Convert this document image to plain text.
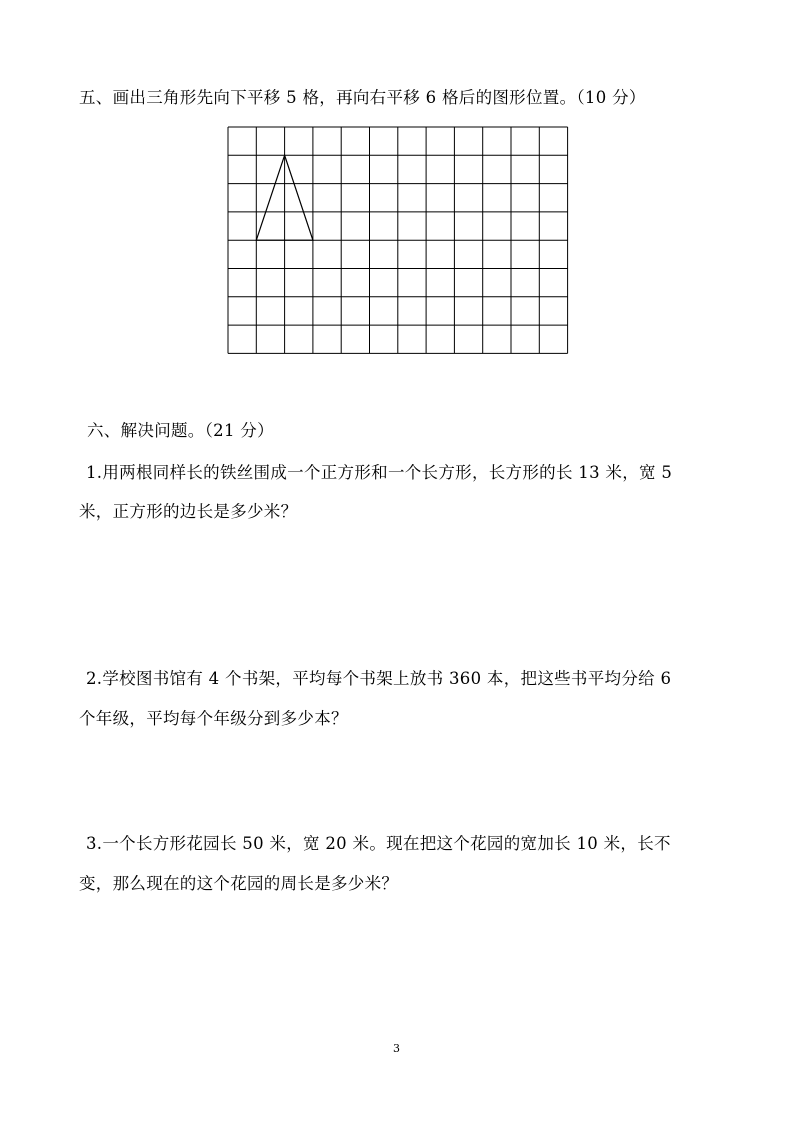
五、画出三角形先向下平移 5 格，再向右平移 6 格后的图形位置。（10 分）
六、解决问题。（21 分）
1.用两根同样长的铁丝围成一个正方形和一个长方形，长方形的长 13 米，宽 5
米，正方形的边长是多少米？
2.学校图书馆有 4 个书架，平均每个书架上放书 360 本，把这些书平均分给 6
个年级，平均每个年级分到多少本？
3.一个长方形花园长 50 米，宽 20 米。现在把这个花园的宽加长 10 米，长不
变，那么现在的这个花园的周长是多少米？
3
